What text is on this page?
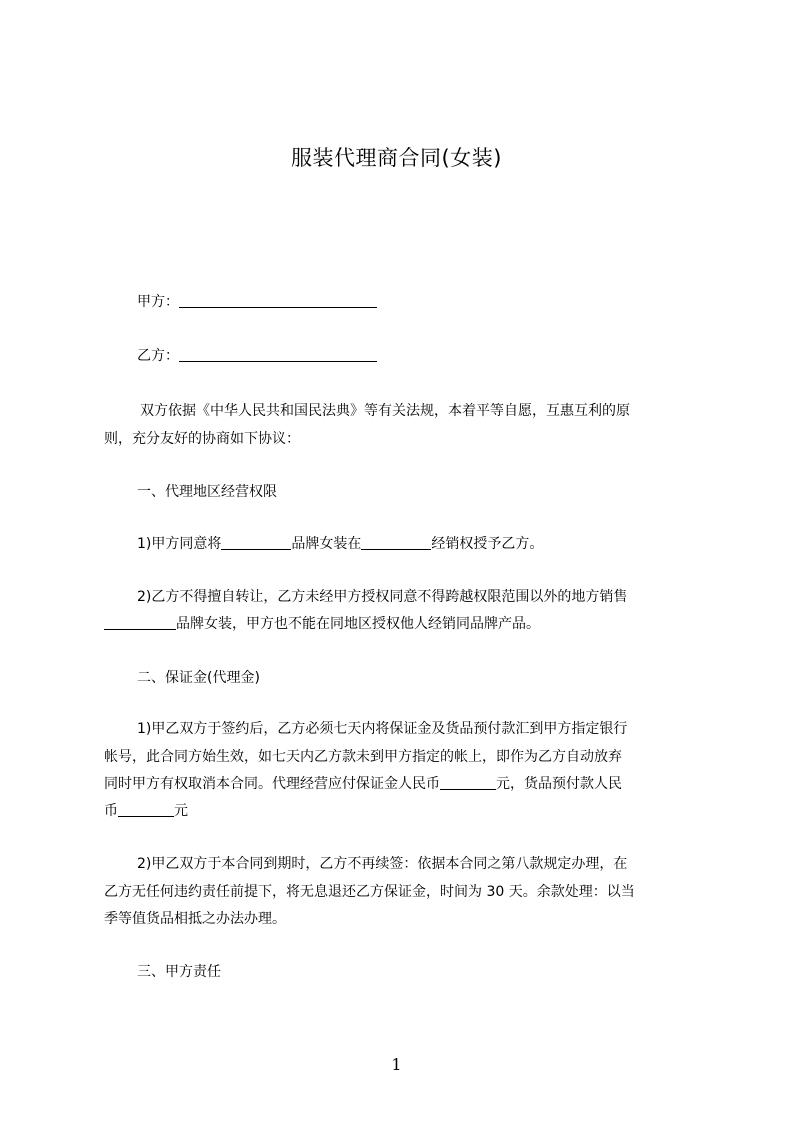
服装代理商合同(女装)
甲方：
乙方：
双方依据《中华人民共和国民法典》等有关法规，本着平等自愿，互惠互利的原
则，充分友好的协商如下协议：
一、代理地区经营权限
1)甲方同意将	品牌女装在	经销权授予乙方。
2)乙方不得擅自转让，乙方未经甲方授权同意不得跨越权限范围以外的地方销售
品牌女装，甲方也不能在同地区授权他人经销同品牌产品。
二、保证金(代理金)
1)甲乙双方于签约后，乙方必须七天内将保证金及货品预付款汇到甲方指定银行
帐号，此合同方始生效，如七天内乙方款未到甲方指定的帐上，即作为乙方自动放弃
同时甲方有权取消本合同。代理经营应付保证金人民币	元，货品预付款人民
币	元
2)甲乙双方于本合同到期时，乙方不再续签：依据本合同之第八款规定办理，在
乙方无任何违约责任前提下，将无息退还乙方保证金，时间为 30 天。余款处理：以当
季等值货品相抵之办法办理。
三、甲方责任
1
